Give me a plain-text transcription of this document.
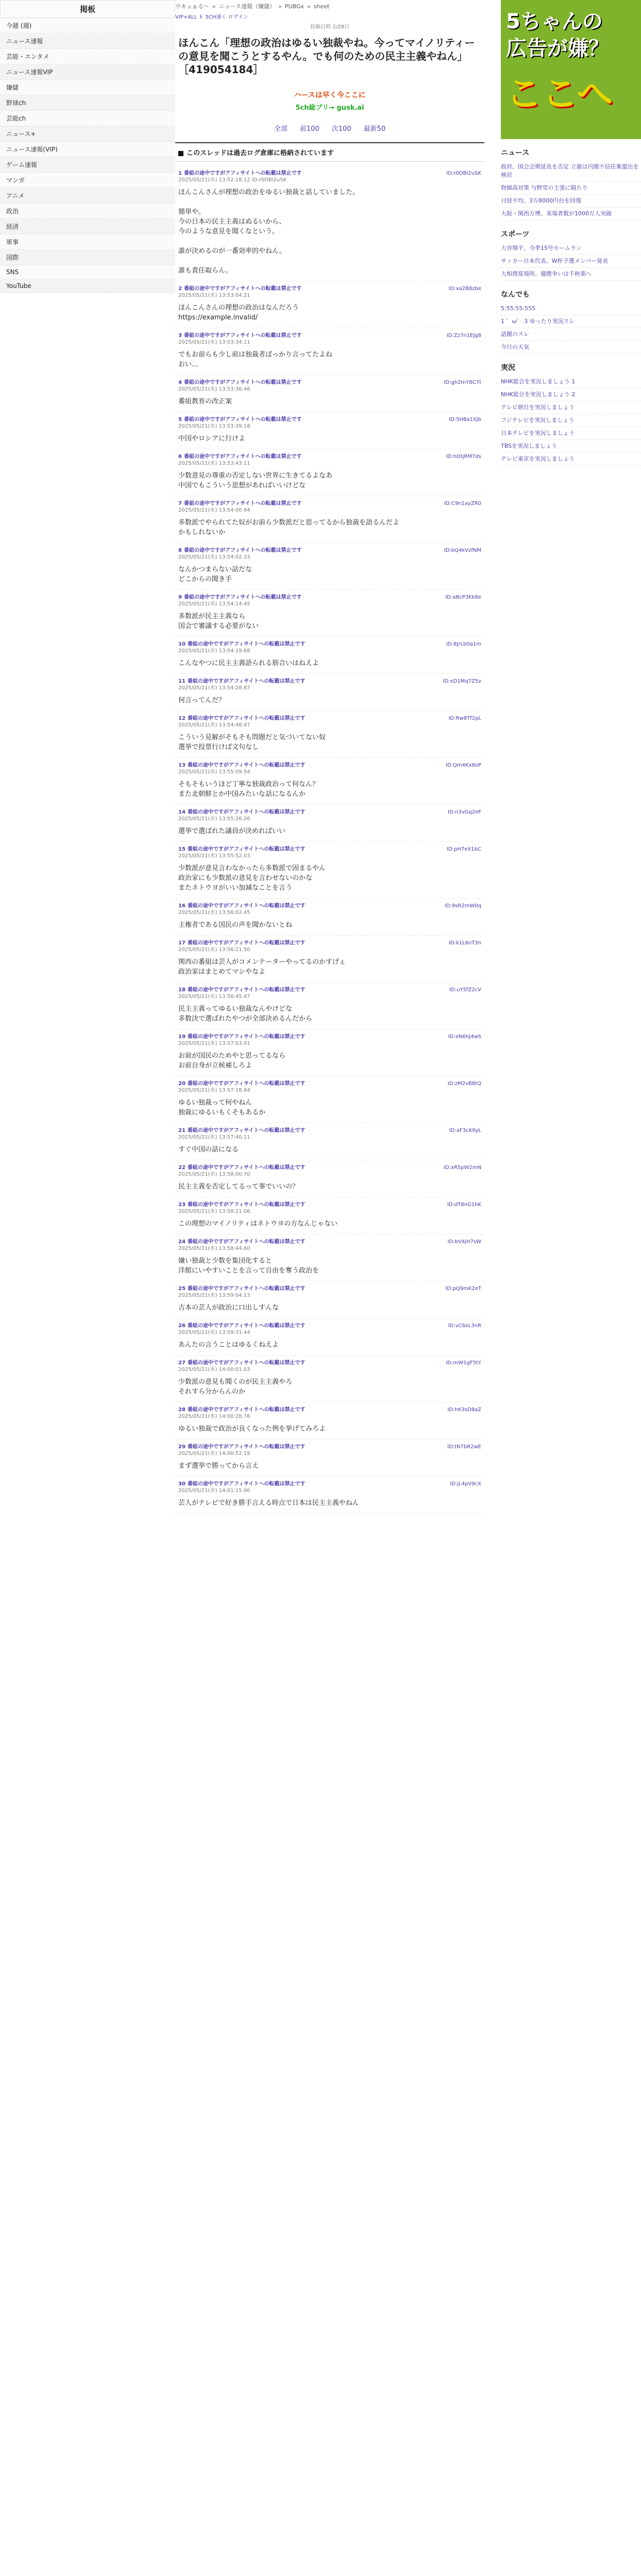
掲板
今週 (週)
ニュース速報
芸能・エンタメ
ニュース速報VIP
嫌儲
野球ch
芸能ch
ニュース+
ニュース速報(VIP)
ゲーム速報
マンガ
アニメ
政治
経済
軍事
国際
SNS
YouTube
ウキュぁる～ » ニュース速報（嫌儲） » PUBGx » sheet
VIP+ALL ￥ 5CH速く ログイン
投稿日時 2/28日
ほんこん「理想の政治はゆるい独裁やね。今ってマイノリティーの意見を聞こうとするやん。でも何のための民主主義やねん」［419054184］
ハースは早く今ここに
5ch総ブリ→ gusk.ai
全部 前100 次100 最新50
このスレッドは過去ログ倉庫に格納されています
1 番組の途中ですがアフィサイトへの転載は禁止です
2025/05/21(水) 13:52:18.12 ID:r0DBI2uSK
ID:r0DBI2uSK
ほんこんさんが理想の政治をゆるい独裁と話していました。

簡単や。
今の日本の民主主義はぬるいから、
今のような意見を聞くなという。

誰が決めるのが一番効率的やねん。

誰も責任取らん。
2 番組の途中ですがアフィサイトへの転載は禁止です
2025/05/21(水) 13:53:04.21
ID:xa2B8zbe
ほんこんさんの理想の政治はなんだろう
https://example.invalid/
3 番組の途中ですがアフィサイトへの転載は禁止です
2025/05/21(水) 13:53:34.11
ID:Zz7n1EJg8
でもお前らも少し前は独裁者ばっかり言ってたよね
おい…
4 番組の途中ですがアフィサイトへの転載は禁止です
2025/05/21(水) 13:53:36.46
ID:gh2mY8C7t
番組教育の改正案
5 番組の途中ですがアフィサイトへの転載は禁止です
2025/05/21(水) 13:53:39.18
ID:5H8a1XJb
中国やロシアに行けよ
6 番組の途中ですがアフィサイトへの転載は禁止です
2025/05/21(水) 13:53:43.11
ID:hDtjRM7ds
少数意見の尊重の否定しない世界に生きてるよなあ
中国でもこういう思想があればいいけどな
7 番組の途中ですがアフィサイトへの転載は禁止です
2025/05/21(水) 13:54:00.94
ID:C9n1xyZR0
多数派でやられてた奴がお前ら少数派だと思ってるから独裁を語るんだよ
かもしれないか
8 番組の途中ですがアフィサイトへの転載は禁止です
2025/05/21(水) 13:54:02.33
ID:bQ4kVzfNM
なんかつまらない話だな
どこからの聞き手
9 番組の途中ですがアフィサイトへの転載は禁止です
2025/05/21(水) 13:54:14.45
ID:aBcP3Kk8e
多数派が民主主義なら
国会で審議する必要がない
10 番組の途中ですがアフィサイトへの転載は禁止です
2025/05/21(水) 13:54:19.68
ID:8JrLb0a1m
こんなやつに民主主義語られる筋合いはねえよ
11 番組の途中ですがアフィサイトへの転載は禁止です
2025/05/21(水) 13:54:28.87
ID:xD1Mq7Z5v
何言ってんだ？
12 番組の途中ですがアフィサイトへの転載は禁止です
2025/05/21(水) 13:54:48.47
ID:Rw8Tf2pL
こういう見解がそもそも問題だと気づいてない奴
選挙で投票行けば文句なし
13 番組の途中ですがアフィサイトへの転載は禁止です
2025/05/21(水) 13:55:09.54
ID:Qm4Kx8oP
そもそもいうほど丁寧な独裁政治って何なん？
また北朝鮮とか中国みたいな話になるんか
14 番組の途中ですがアフィサイトへの転載は禁止です
2025/05/21(水) 13:55:26.26
ID:n3vGq2eF
選挙で選ばれた議員が決めればいい
15 番組の途中ですがアフィサイトへの転載は禁止です
2025/05/21(水) 13:55:52.03
ID:pH7eX1bC
少数派が意見言わなかったら多数派で固まるやん
政治家にも少数派の意見を言わせないのかな
またネトウヨがいい加減なことを言う
16 番組の途中ですがアフィサイトへの転載は禁止です
2025/05/21(水) 13:56:02.45
ID:9sR2mW0q
主権者である国民の声を聞かないとね
17 番組の途中ですがアフィサイトへの転載は禁止です
2025/05/21(水) 13:56:21.50
ID:k1L8oT3n
関西の番組は芸人がコメンテーターやってるのかすげぇ
政治家はまとめてマシやなよ
18 番組の途中ですがアフィサイトへの転載は禁止です
2025/05/21(水) 13:56:45.47
ID:uY5fZ2cV
民主主義ってゆるい独裁なんやけどな
多数決で選ばれたやつが全部決めるんだから
19 番組の途中ですがアフィサイトへの転載は禁止です
2025/05/21(水) 13:57:03.01
ID:eN6hJ4wS
お前が国民のためやと思ってるなら
お前自身が立候補しろよ
20 番組の途中ですがアフィサイトへの転載は禁止です
2025/05/21(水) 13:57:18.84
ID:zM2vB8tQ
ゆるい独裁って何やねん
独裁にゆるいもくそもあるか
21 番組の途中ですがアフィサイトへの転載は禁止です
2025/05/21(水) 13:57:40.11
ID:aF3cK9yL
すぐ中国の話になる
22 番組の途中ですがアフィサイトへの転載は禁止です
2025/05/21(水) 13:58:00.70
ID:xR5pW2mN
民主主義を否定してるって事でいいの？
23 番組の途中ですがアフィサイトへの転載は禁止です
2025/05/21(水) 13:58:21.06
ID:dT8nG1hK
この理想のマイノリティはネトウヨの方なんじゃない
24 番組の途中ですがアフィサイトへの転載は禁止です
2025/05/21(水) 13:58:44.60
ID:bV4jH7sW
嫌い独裁と少数を集団化すると
洋館にいやすいことを言って自由を奪う政治を
25 番組の途中ですがアフィサイトへの転載は禁止です
2025/05/21(水) 13:59:04.13
ID:pQ9mK2eT
吉本の芸人が政治に口出しすんな
26 番組の途中ですがアフィサイトへの転載は禁止です
2025/05/21(水) 13:59:31.44
ID:vC6xL3nR
あんたの言うことはゆるくねえよ
27 番組の途中ですがアフィサイトへの転載は禁止です
2025/05/21(水) 14:00:01.03
ID:mW1gF5tY
少数派の意見も聞くのが民主主義やろ
それすら分からんのか
28 番組の途中ですがアフィサイトへの転載は禁止です
2025/05/21(水) 14:00:28.76
ID:hK3sD8aZ
ゆるい独裁で政治が良くなった例を挙げてみろよ
29 番組の途中ですがアフィサイトへの転載は禁止です
2025/05/21(水) 14:00:52.19
ID:tN7bR2wE
まず選挙で勝ってから言え
30 番組の途中ですがアフィサイトへの転載は禁止です
2025/05/21(水) 14:01:15.90
ID:jL4pV9cX
芸人がテレビで好き勝手言える時点で日本は民主主義やねん
5ちゃんの
広告が嫌？
ここへ
ニュース
政府、国会会期延長を否定 立憲は内閣不信任案提出を検討
物価高対策 与野党の主張に隔たり
日経平均、3万8000円台を回復
大阪・関西万博、来場者数が1000万人突破
スポーツ
大谷翔平、今季15号ホームラン
サッカー日本代表、W杯予選メンバー発表
大相撲夏場所、優勝争いは千秋楽へ
なんでも
5:55:55:555
1 ゜ω゜ 3 ゆったり実況スレ
話題のスレ
今日の天気
実況
NHK総合を実況しましょう 1
NHK総合を実況しましょう 2
テレビ朝日を実況しましょう
フジテレビを実況しましょう
日本テレビを実況しましょう
TBSを実況しましょう
テレビ東京を実況しましょう
